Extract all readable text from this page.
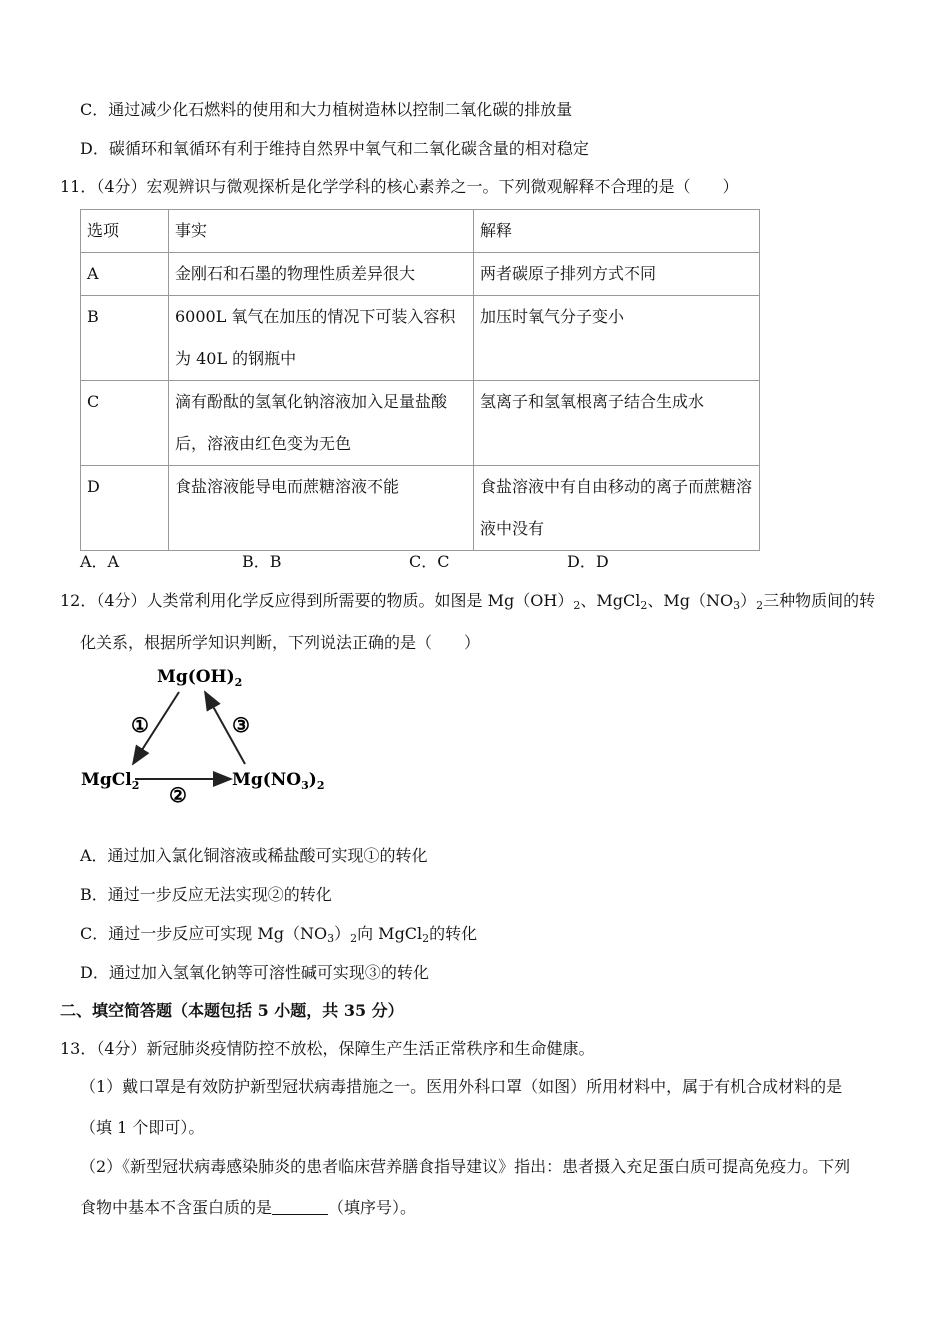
C．通过减少化石燃料的使用和大力植树造林以控制二氧化碳的排放量
D．碳循环和氧循环有利于维持自然界中氧气和二氧化碳含量的相对稳定
11．（4分）宏观辨识与微观探析是化学学科的核心素养之一。下列微观解释不合理的是（　　）
选项	事实	解释
A	金刚石和石墨的物理性质差异很大	两者碳原子排列方式不同
B	6000L 氧气在加压的情况下可装入容积为 40L 的钢瓶中	加压时氧气分子变小
C	滴有酚酞的氢氧化钠溶液加入足量盐酸后，溶液由红色变为无色	氢离子和氢氧根离子结合生成水
D	食盐溶液能导电而蔗糖溶液不能	食盐溶液中有自由移动的离子而蔗糖溶液中没有
A．A	B．B	C．C	D．D
12．（4分）人类常利用化学反应得到所需要的物质。如图是 $Mg(OH)_2$、MgCl$_2$、$Mg(NO_3)_2$三种物质间的转
化关系，根据所学知识判断，下列说法正确的是（　　）
$Mg(OH)_2$
MgCl$_2$	$Mg(NO_3)_2$
①
②
③
A．通过加入氯化铜溶液或稀盐酸可实现①的转化
B．通过一步反应无法实现②的转化
C．通过一步反应可实现 $Mg(NO_3)_2$向 MgCl$_2$的转化
D．通过加入氢氧化钠等可溶性碱可实现③的转化
二、填空简答题（本题包括 5 小题，共 35 分）
13．（4分）新冠肺炎疫情防控不放松，保障生产生活正常秩序和生命健康。
（1）戴口罩是有效防护新型冠状病毒措施之一。医用外科口罩（如图）所用材料中，属于有机合成材料的是
（填 1 个即可）。
（2）《新型冠状病毒感染肺炎的患者临床营养膳食指导建议》指出：患者摄入充足蛋白质可提高免疫力。下列
食物中基本不含蛋白质的是	（填序号）。
